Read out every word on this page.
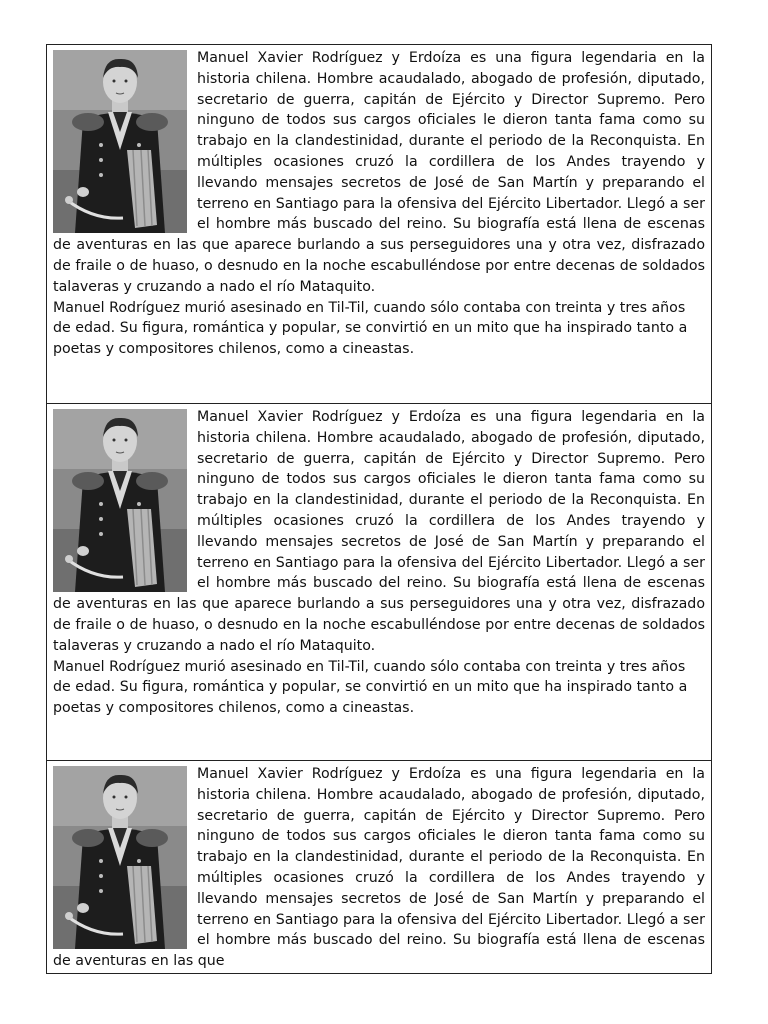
Manuel Xavier Rodríguez y Erdoíza es una figura legendaria en la historia chilena. Hombre acaudalado, abogado de profesión, diputado, secretario de guerra, capitán de Ejército y Director Supremo. Pero ninguno de todos sus cargos oficiales le dieron tanta fama como su trabajo en la clandestinidad, durante el periodo de la Reconquista. En múltiples ocasiones cruzó la cordillera de los Andes trayendo y llevando mensajes secretos de José de San Martín y preparando el terreno en Santiago para la ofensiva del Ejército Libertador. Llegó a ser el hombre más buscado del reino. Su biografía está llena de escenas de aventuras en las que aparece burlando a sus perseguidores una y otra vez, disfrazado de fraile o de huaso, o desnudo en la noche escabulléndose por entre decenas de soldados talaveras y cruzando a nado el río Mataquito.

Manuel Rodríguez murió asesinado en Til-Til, cuando sólo contaba con treinta y tres años de edad. Su figura, romántica y popular, se convirtió en un mito que ha inspirado tanto a poetas y compositores chilenos, como a cineastas.

Manuel Xavier Rodríguez y Erdoíza es una figura legendaria en la historia chilena. Hombre acaudalado, abogado de profesión, diputado, secretario de guerra, capitán de Ejército y Director Supremo. Pero ninguno de todos sus cargos oficiales le dieron tanta fama como su trabajo en la clandestinidad, durante el periodo de la Reconquista. En múltiples ocasiones cruzó la cordillera de los Andes trayendo y llevando mensajes secretos de José de San Martín y preparando el terreno en Santiago para la ofensiva del Ejército Libertador. Llegó a ser el hombre más buscado del reino. Su biografía está llena de escenas de aventuras en las que aparece burlando a sus perseguidores una y otra vez, disfrazado de fraile o de huaso, o desnudo en la noche escabulléndose por entre decenas de soldados talaveras y cruzando a nado el río Mataquito.

Manuel Rodríguez murió asesinado en Til-Til, cuando sólo contaba con treinta y tres años de edad. Su figura, romántica y popular, se convirtió en un mito que ha inspirado tanto a poetas y compositores chilenos, como a cineastas.

Manuel Xavier Rodríguez y Erdoíza es una figura legendaria en la historia chilena. Hombre acaudalado, abogado de profesión, diputado, secretario de guerra, capitán de Ejército y Director Supremo. Pero ninguno de todos sus cargos oficiales le dieron tanta fama como su trabajo en la clandestinidad, durante el periodo de la Reconquista. En múltiples ocasiones cruzó la cordillera de los Andes trayendo y llevando mensajes secretos de José de San Martín y preparando el terreno en Santiago para la ofensiva del Ejército Libertador. Llegó a ser el hombre más buscado del reino. Su biografía está llena de escenas de aventuras en las que
